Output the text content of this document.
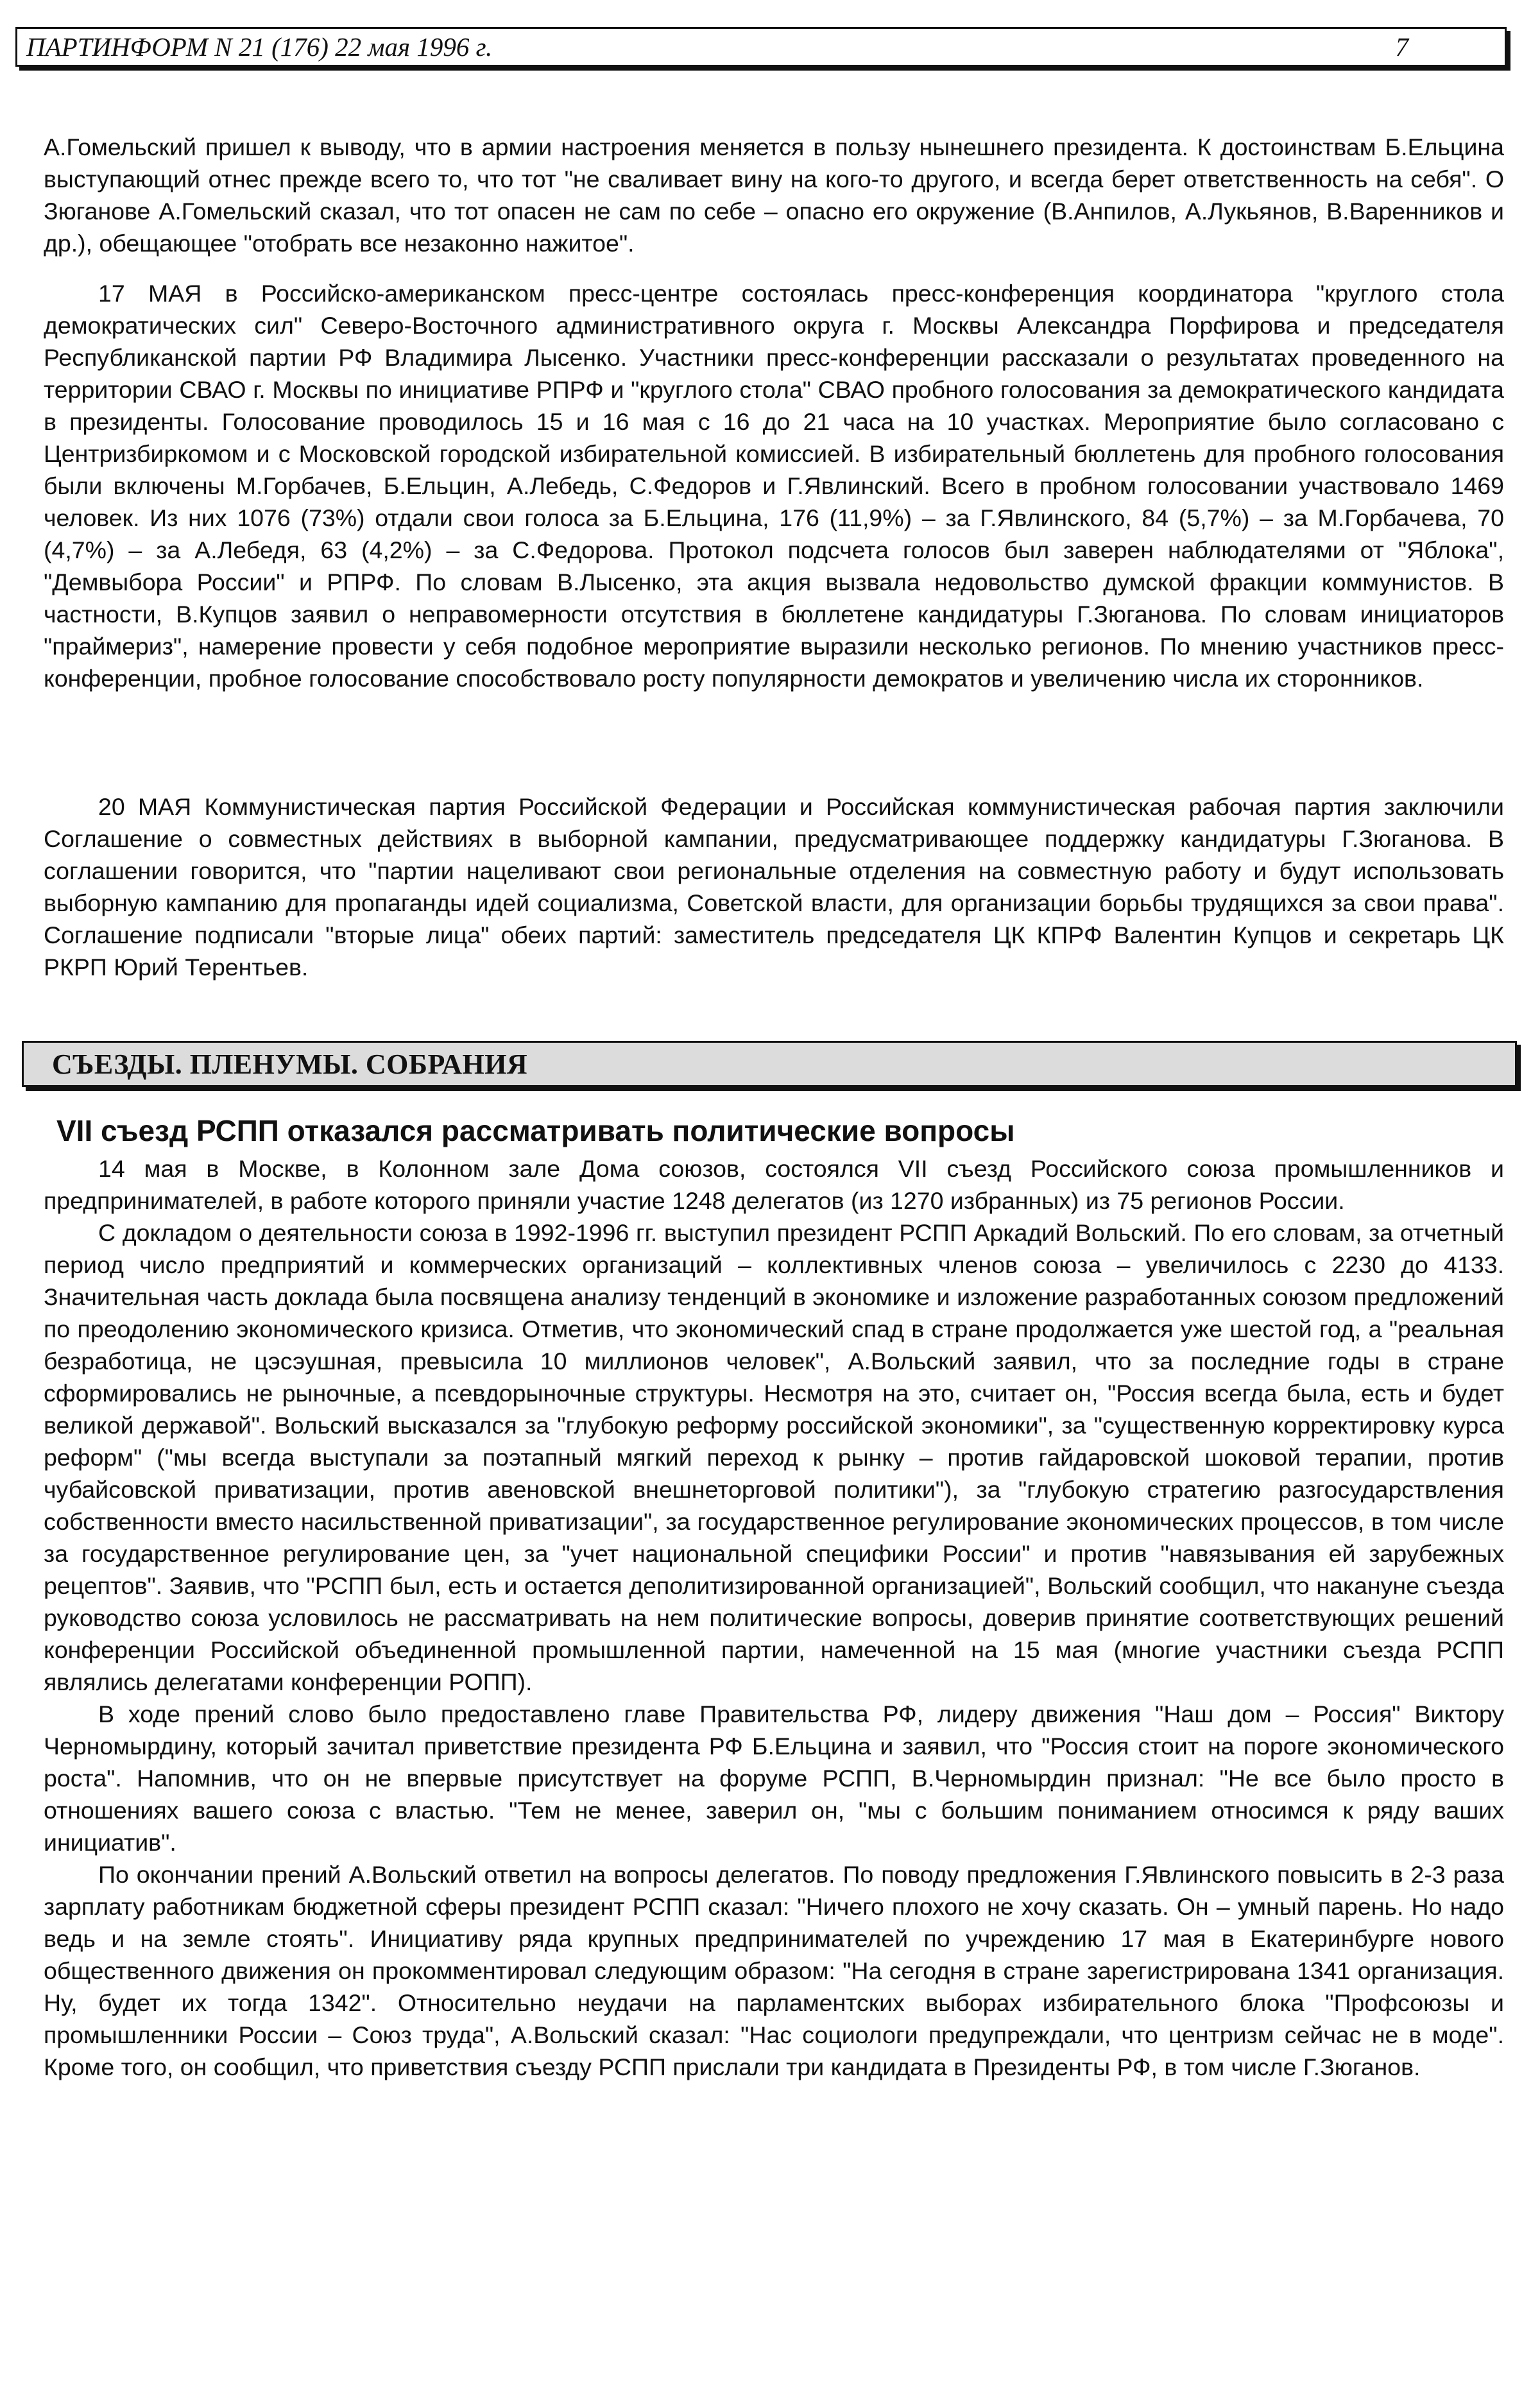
ПАРТИНФОРМ N 21 (176) 22 мая 1996 г.	7

А.Гомельский пришел к выводу, что в армии настроения меняется в пользу нынешнего президента. К достоинствам Б.Ельцина выступающий отнес прежде всего то, что тот "не сваливает вину на кого-то другого, и всегда берет ответственность на себя". О Зюганове А.Гомельский сказал, что тот опасен не сам по себе – опасно его окружение (В.Анпилов, А.Лукьянов, В.Варенников и др.), обещающее "отобрать все незаконно нажитое".

17 МАЯ в Российско-американском пресс-центре состоялась пресс-конференция координатора "круглого стола демократических сил" Северо-Восточного административного округа г. Москвы Александра Порфирова и председателя Республиканской партии РФ Владимира Лысенко. Участники пресс-конференции рассказали о результатах проведенного на территории СВАО г. Москвы по инициативе РПРФ и "круглого стола" СВАО пробного голосования за демократического кандидата в президенты. Голосование проводилось 15 и 16 мая с 16 до 21 часа на 10 участках. Мероприятие было согласовано с Центризбиркомом и с Московской городской избирательной комиссией. В избирательный бюллетень для пробного голосования были включены М.Горбачев, Б.Ельцин, А.Лебедь, С.Федоров и Г.Явлинский. Всего в пробном голосовании участвовало 1469 человек. Из них 1076 (73%) отдали свои голоса за Б.Ельцина, 176 (11,9%) – за Г.Явлинского, 84 (5,7%) – за М.Горбачева, 70 (4,7%) – за А.Лебедя, 63 (4,2%) – за С.Федорова. Протокол подсчета голосов был заверен наблюдателями от "Яблока", "Демвыбора России" и РПРФ. По словам В.Лысенко, эта акция вызвала недовольство думской фракции коммунистов. В частности, В.Купцов заявил о неправомерности отсутствия в бюллетене кандидатуры Г.Зюганова. По словам инициаторов "праймериз", намерение провести у себя подобное мероприятие выразили несколько регионов. По мнению участников пресс-конференции, пробное голосование способствовало росту популярности демократов и увеличению числа их сторонников.

20 МАЯ Коммунистическая партия Российской Федерации и Российская коммунистическая рабочая партия заключили Соглашение о совместных действиях в выборной кампании, предусматривающее поддержку кандидатуры Г.Зюганова. В соглашении говорится, что "партии нацеливают свои региональные отделения на совместную работу и будут использовать выборную кампанию для пропаганды идей социализма, Советской власти, для организации борьбы трудящихся за свои права". Соглашение подписали "вторые лица" обеих партий: заместитель председателя ЦК КПРФ Валентин Купцов и секретарь ЦК РКРП Юрий Терентьев.

СЪЕЗДЫ. ПЛЕНУМЫ. СОБРАНИЯ
VII съезд РСПП отказался рассматривать политические вопросы

14 мая в Москве, в Колонном зале Дома союзов, состоялся VII съезд Российского союза промышленников и предпринимателей, в работе которого приняли участие 1248 делегатов (из 1270 избранных) из 75 регионов России.

С докладом о деятельности союза в 1992-1996 гг. выступил президент РСПП Аркадий Вольский. По его словам, за отчетный период число предприятий и коммерческих организаций – коллективных членов союза – увеличилось с 2230 до 4133. Значительная часть доклада была посвящена анализу тенденций в экономике и изложение разработанных союзом предложений по преодолению экономического кризиса. Отметив, что экономический спад в стране продолжается уже шестой год, а "реальная безработица, не цэсэушная, превысила 10 миллионов человек", А.Вольский заявил, что за последние годы в стране сформировались не рыночные, а псевдорыночные структуры. Несмотря на это, считает он, "Россия всегда была, есть и будет великой державой". Вольский высказался за "глубокую реформу российской экономики", за "существенную корректировку курса реформ" ("мы всегда выступали за поэтапный мягкий переход к рынку – против гайдаровской шоковой терапии, против чубайсовской приватизации, против авеновской внешнеторговой политики"), за "глубокую стратегию разгосударствления собственности вместо насильственной приватизации", за государственное регулирование экономических процессов, в том числе за государственное регулирование цен, за "учет национальной специфики России" и против "навязывания ей зарубежных рецептов". Заявив, что "РСПП был, есть и остается деполитизированной организацией", Вольский сообщил, что накануне съезда руководство союза условилось не рассматривать на нем политические вопросы, доверив принятие соответствующих решений конференции Российской объединенной промышленной партии, намеченной на 15 мая (многие участники съезда РСПП являлись делегатами конференции РОПП).

В ходе прений слово было предоставлено главе Правительства РФ, лидеру движения "Наш дом – Россия" Виктору Черномырдину, который зачитал приветствие президента РФ Б.Ельцина и заявил, что "Россия стоит на пороге экономического роста". Напомнив, что он не впервые присутствует на форуме РСПП, В.Черномырдин признал: "Не все было просто в отношениях вашего союза с властью. "Тем не менее, заверил он, "мы с большим пониманием относимся к ряду ваших инициатив".

По окончании прений А.Вольский ответил на вопросы делегатов. По поводу предложения Г.Явлинского повысить в 2-3 раза зарплату работникам бюджетной сферы президент РСПП сказал: "Ничего плохого не хочу сказать. Он – умный парень. Но надо ведь и на земле стоять". Инициативу ряда крупных предпринимателей по учреждению 17 мая в Екатеринбурге нового общественного движения он прокомментировал следующим образом: "На сегодня в стране зарегистрирована 1341 организация. Ну, будет их тогда 1342". Относительно неудачи на парламентских выборах избирательного блока "Профсоюзы и промышленники России – Союз труда", А.Вольский сказал: "Нас социологи предупреждали, что центризм сейчас не в моде". Кроме того, он сообщил, что приветствия съезду РСПП прислали три кандидата в Президенты РФ, в том числе Г.Зюганов.
